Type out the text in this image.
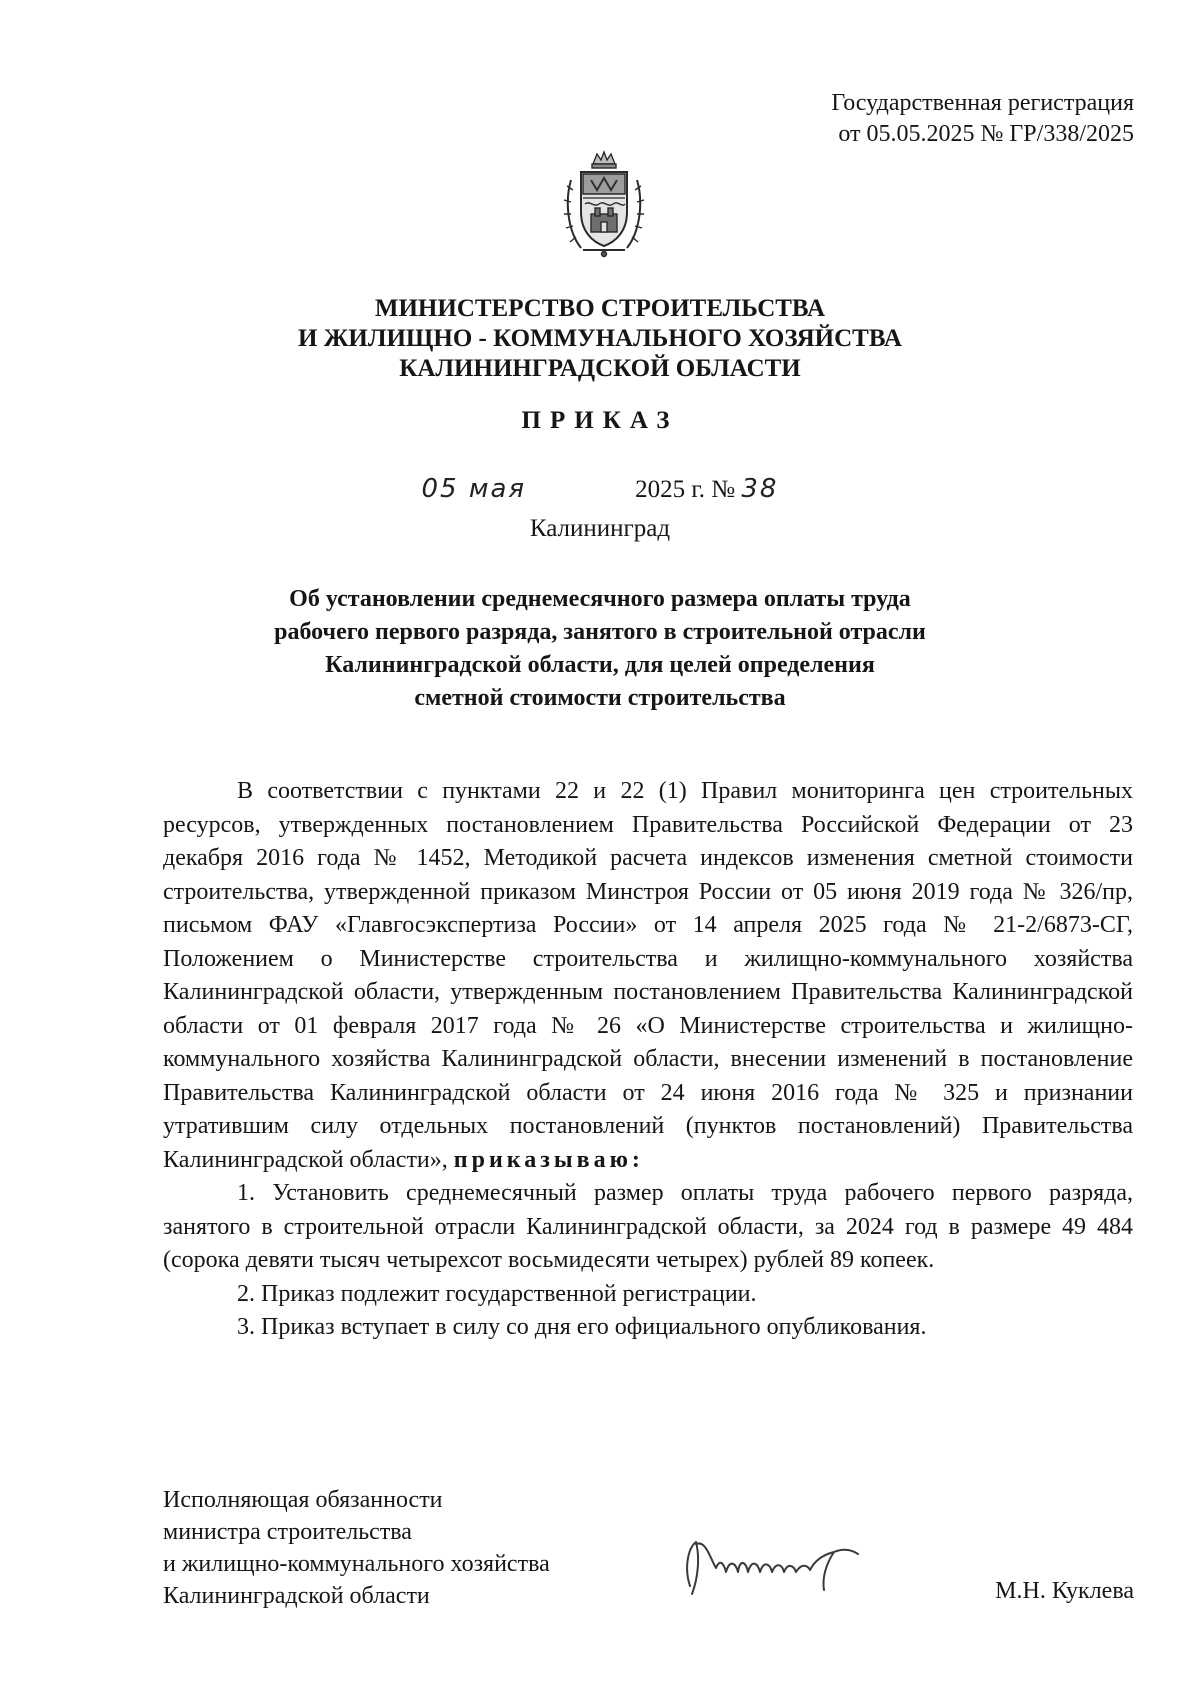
Государственная регистрация
от 05.05.2025 № ГР/338/2025
МИНИСТЕРСТВО СТРОИТЕЛЬСТВА
И ЖИЛИЩНО - КОММУНАЛЬНОГО ХОЗЯЙСТВА
КАЛИНИНГРАДСКОЙ ОБЛАСТИ
ПРИКАЗ
05 мая	2025 г. № 38
Калининград
Об установлении среднемесячного размера оплаты труда
рабочего первого разряда, занятого в строительной отрасли
Калининградской области, для целей определения
сметной стоимости строительства

В соответствии с пунктами 22 и 22 (1) Правил мониторинга цен строительных ресурсов, утвержденных постановлением Правительства Российской Федерации от 23 декабря 2016 года № 1452, Методикой расчета индексов изменения сметной стоимости строительства, утвержденной приказом Минстроя России от 05 июня 2019 года № 326/пр, письмом ФАУ «Главгосэкспертиза России» от 14 апреля 2025 года № 21-2/6873-СГ, Положением о Министерстве строительства и жилищно-коммунального хозяйства Калининградской области, утвержденным постановлением Правительства Калининградской области от 01 февраля 2017 года № 26 «О Министерстве строительства и жилищно-коммунального хозяйства Калининградской области, внесении изменений в постановление Правительства Калининградской области от 24 июня 2016 года № 325 и признании утратившим силу отдельных постановлений (пунктов постановлений) Правительства Калининградской области», приказываю:

1. Установить среднемесячный размер оплаты труда рабочего первого разряда, занятого в строительной отрасли Калининградской области, за 2024 год в размере 49 484 (сорока девяти тысяч четырехсот восьмидесяти четырех) рублей 89 копеек.

2. Приказ подлежит государственной регистрации.

3. Приказ вступает в силу со дня его официального опубликования.

Исполняющая обязанности
министра строительства
и жилищно-коммунального хозяйства
Калининградской области	М.Н. Куклева
